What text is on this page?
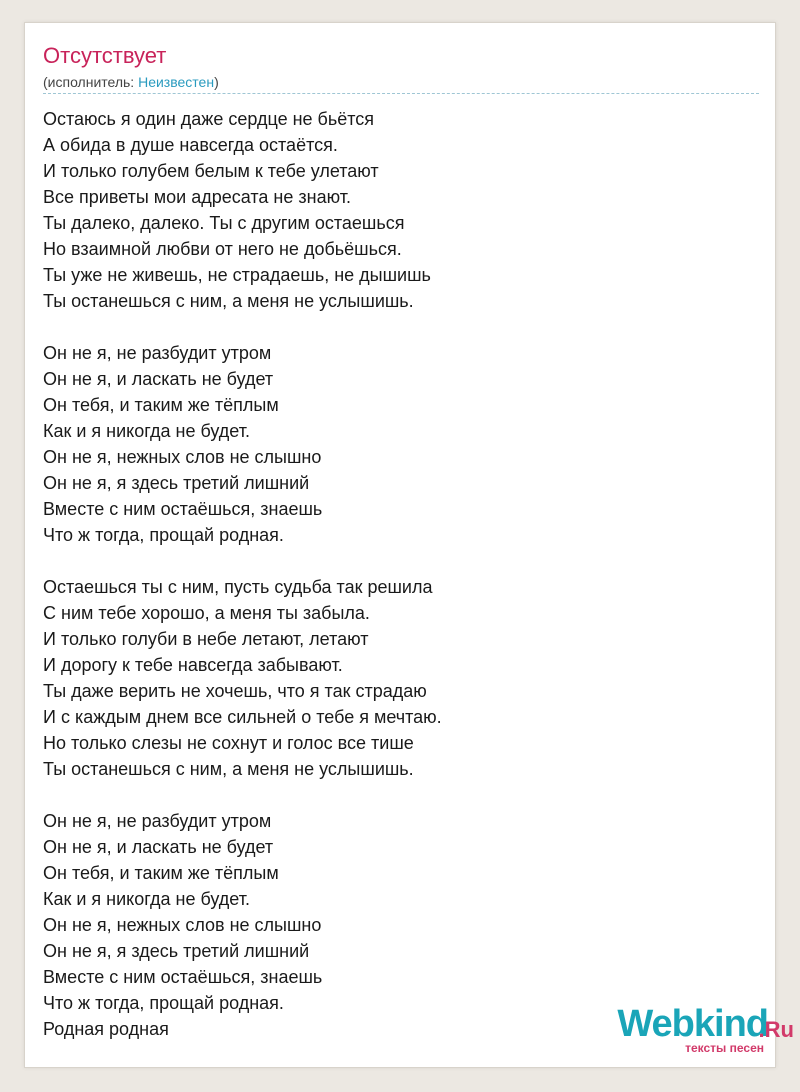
Отсутствует
(исполнитель: Неизвестен)
Остаюсь я один даже сердце не бьётся
А обида в душе навсегда остаётся.
И только голубем белым к тебе улетают
Все приветы мои адресата не знают.
Ты далеко, далеко. Ты с другим остаешься
Но взаимной любви от него не добьёшься.
Ты уже не живешь, не страдаешь, не дышишь
Ты останешься с ним, а меня не услышишь.
Он не я, не разбудит утром
Он не я, и ласкать не будет
Он тебя, и таким же тёплым
Как и я никогда не будет.
Он не я, нежных слов не слышно
Он не я, я здесь третий лишний
Вместе с ним остаёшься, знаешь
Что ж тогда, прощай родная.
Остаешься ты с ним, пусть судьба так решила
С ним тебе хорошо, а меня ты забыла.
И только голуби в небе летают, летают
И дорогу к тебе навсегда забывают.
Ты даже верить не хочешь, что я так страдаю
И с каждым днем все сильней о тебе я мечтаю.
Но только слезы не сохнут и голос все тише
Ты останешься с ним, а меня не услышишь.
Он не я, не разбудит утром
Он не я, и ласкать не будет
Он тебя, и таким же тёплым
Как и я никогда не будет.
Он не я, нежных слов не слышно
Он не я, я здесь третий лишний
Вместе с ним остаёшься, знаешь
Что ж тогда, прощай родная.
Родная родная	Webkind
.Ru
тексты песен
